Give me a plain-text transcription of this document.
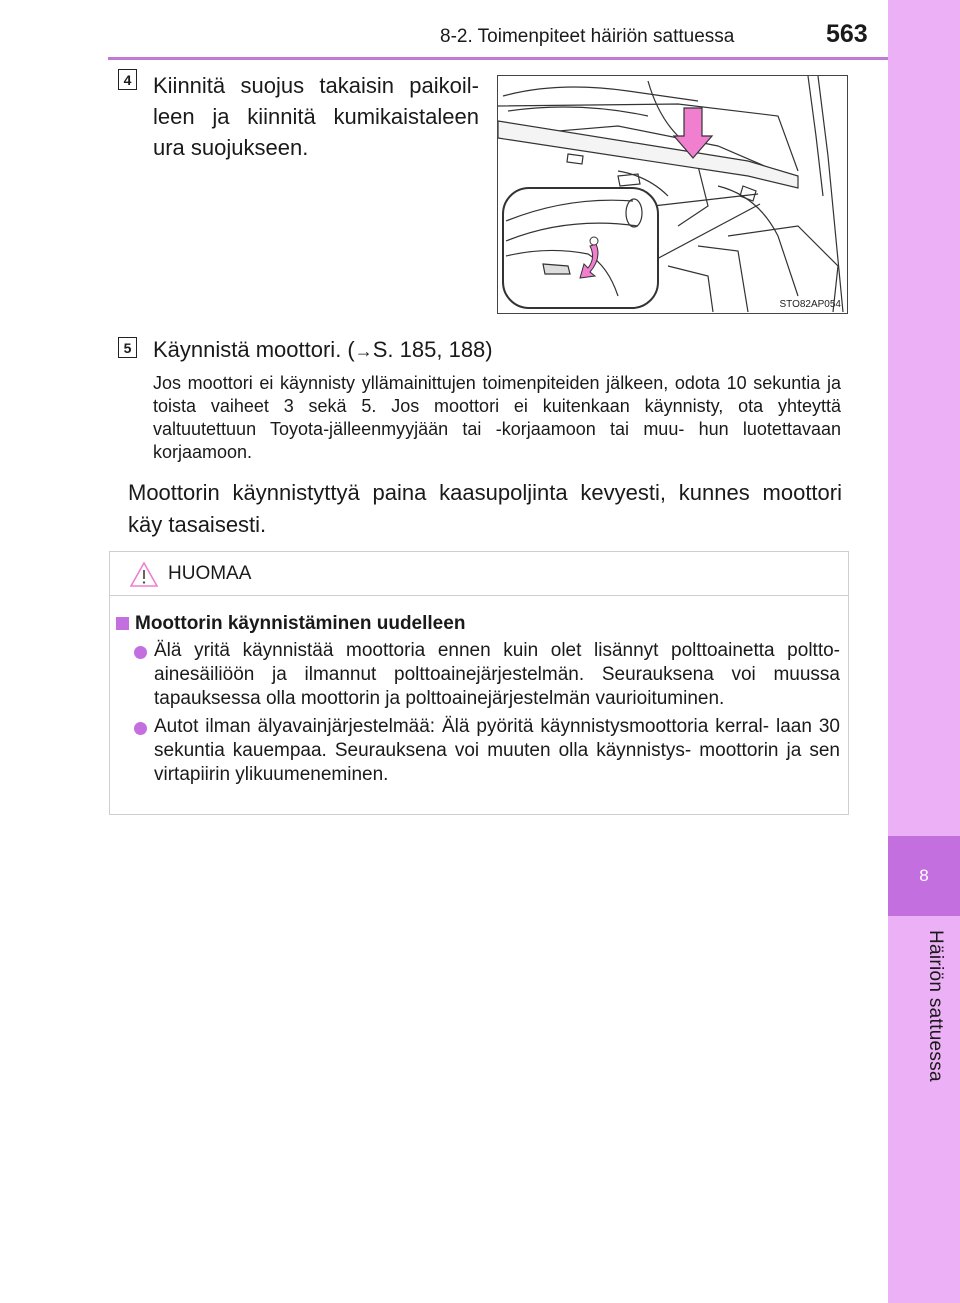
8-2. Toimenpiteet häiriön sattuessa	563
8
Häiriön sattuessa
4 Kiinnitä suojus takaisin paikoil- leen ja kiinnitä kumikaistaleen ura suojukseen.
STO82AP054
5 Käynnistä moottori. (→S. 185, 188)
Jos moottori ei käynnisty yllämainittujen toimenpiteiden jälkeen, odota 10 sekuntia ja toista vaiheet 3 sekä 5. Jos moottori ei kuitenkaan käynnisty, ota yhteyttä valtuutettuun Toyota-jälleenmyyjään tai -korjaamoon tai muu- hun luotettavaan korjaamoon.
Moottorin käynnistyttyä paina kaasupoljinta kevyesti, kunnes moottori käy tasaisesti.
HUOMAA
Moottorin käynnistäminen uudelleen
Älä yritä käynnistää moottoria ennen kuin olet lisännyt polttoainetta poltto- ainesäiliöön ja ilmannut polttoainejärjestelmän. Seurauksena voi muussa tapauksessa olla moottorin ja polttoainejärjestelmän vaurioituminen.
Autot ilman älyavainjärjestelmää: Älä pyöritä käynnistysmoottoria kerral- laan 30 sekuntia kauempaa. Seurauksena voi muuten olla käynnistys- moottorin ja sen virtapiirin ylikuumeneminen.
